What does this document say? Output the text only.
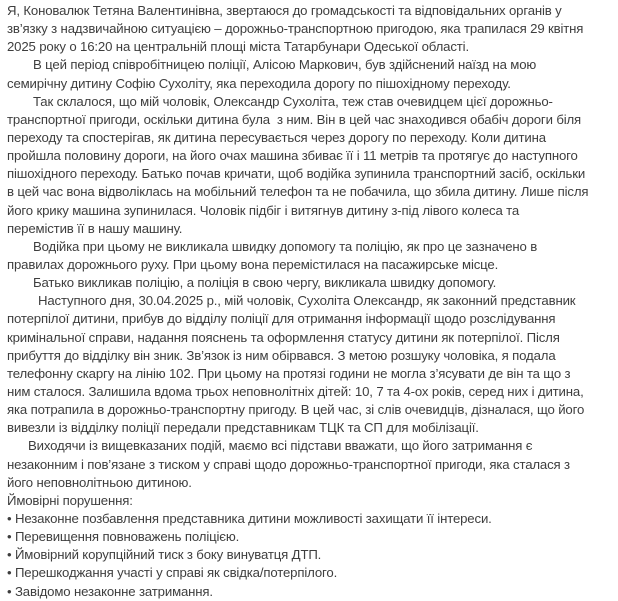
Я, Коновалюк Тетяна Валентинівна, звертаюся до громадськості та відповідальних органів у
зв’язку з надзвичайною ситуацією – дорожньо-транспортною пригодою, яка трапилася 29 квітня
2025 року о 16:20 на центральній площі міста Татарбунари Одеської області.
В цей період співробітницею поліції, Алісою Маркович, був здійснений наїзд на мою
семирічну дитину Софію Сухоліту, яка переходила дорогу по пішохідному переходу.
Так склалося, що мій чоловік, Олександр Сухоліта, теж став очевидцем цієї дорожньо-
транспортної пригоди, оскільки дитина була  з ним. Він в цей час знаходився обабіч дороги біля
переходу та спостерігав, як дитина пересувається через дорогу по переходу. Коли дитина
пройшла половину дороги, на його очах машина збиває її і 11 метрів та протягує до наступного
пішохідного переходу. Батько почав кричати, щоб водійка зупинила транспортний засіб, оскільки
в цей час вона відволіклась на мобільний телефон та не побачила, що збила дитину. Лише після
його крику машина зупинилася. Чоловік підбіг і витягнув дитину з-під лівого колеса та
перемістив її в нашу машину.
Водійка при цьому не викликала швидку допомогу та поліцію, як про це зазначено в
правилах дорожнього руху. При цьому вона перемістилася на пасажирське місце.
Батько викликав поліцію, а поліція в свою чергу, викликала швидку допомогу.
Наступного дня, 30.04.2025 р., мій чоловік, Сухоліта Олександр, як законний представник
потерпілої дитини, прибув до відділу поліції для отримання інформації щодо розслідування
кримінальної справи, надання пояснень та оформлення статусу дитини як потерпілої. Після
прибуття до відділку він зник. Зв’язок із ним обірвався. З метою розшуку чоловіка, я подала
телефонну скаргу на лінію 102. При цьому на протязі години не могла з’ясувати де він та що з
ним сталося. Залишила вдома трьох неповнолітніх дітей: 10, 7 та 4-ох років, серед них і дитина,
яка потрапила в дорожньо-транспортну пригоду. В цей час, зі слів очевидців, дізналася, що його
вивезли із відділку поліції передали представникам ТЦК та СП для мобілізації.
Виходячи із вищевказаних подій, маємо всі підстави вважати, що його затримання є
незаконним і пов’язане з тиском у справі щодо дорожньо-транспортної пригоди, яка сталася з
його неповнолітньою дитиною.
Ймовірні порушення:
• Незаконне позбавлення представника дитини можливості захищати її інтереси.
• Перевищення повноважень поліцією.
• Ймовірний корупційний тиск з боку винуватця ДТП.
• Перешкоджання участі у справі як свідка/потерпілого.
• Завідомо незаконне затримання.
